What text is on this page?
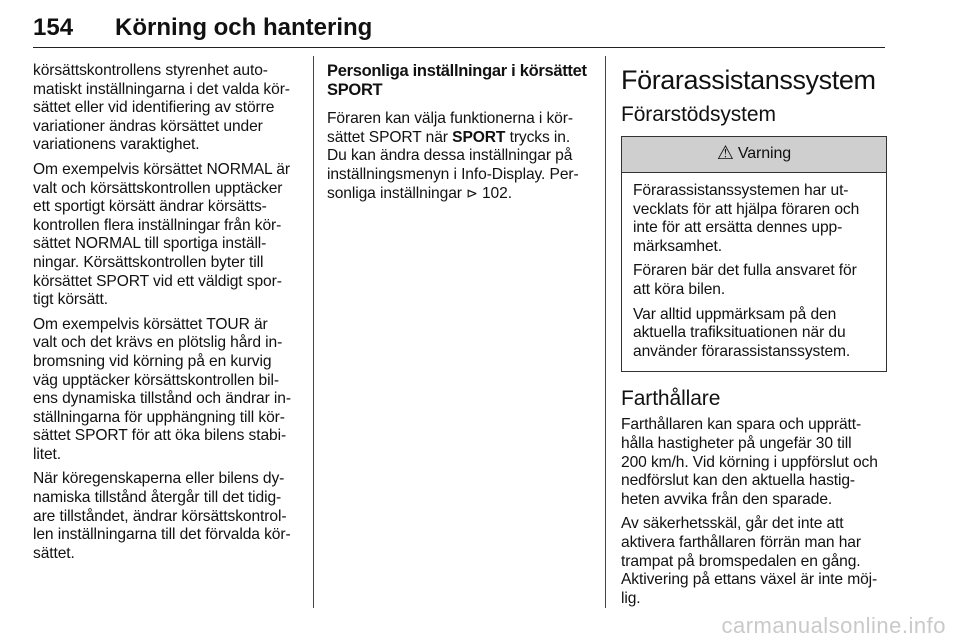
154 Körning och hantering

körsättskontrollens styrenhet auto-
matiskt inställningarna i det valda kör-
sättet eller vid identifiering av större
variationer ändras körsättet under
variationens varaktighet.

Om exempelvis körsättet NORMAL är
valt och körsättskontrollen upptäcker
ett sportigt körsätt ändrar körsätts-
kontrollen flera inställningar från kör-
sättet NORMAL till sportiga inställ-
ningar. Körsättskontrollen byter till
körsättet SPORT vid ett väldigt spor-
tigt körsätt.

Om exempelvis körsättet TOUR är
valt och det krävs en plötslig hård in-
bromsning vid körning på en kurvig
väg upptäcker körsättskontrollen bil-
ens dynamiska tillstånd och ändrar in-
ställningarna för upphängning till kör-
sättet SPORT för att öka bilens stabi-
litet.

När köregenskaperna eller bilens dy-
namiska tillstånd återgår till det tidig-
are tillståndet, ändrar körsättskontrol-
len inställningarna till det förvalda kör-
sättet.

Personliga inställningar i körsättet
SPORT

Föraren kan välja funktionerna i kör-
sättet SPORT när SPORT trycks in.
Du kan ändra dessa inställningar på
inställningsmenyn i Info-Display. Per-
sonliga inställningar ⊳ 102.

Förarassistanssystem
Förarstödsystem
⚠ Varning

Förarassistanssystemen har ut-
vecklats för att hjälpa föraren och
inte för att ersätta dennes upp-
märksamhet.

Föraren bär det fulla ansvaret för
att köra bilen.

Var alltid uppmärksam på den
aktuella trafiksituationen när du
använder förarassistanssystem.

Farthållare

Farthållaren kan spara och upprätt-
hålla hastigheter på ungefär 30 till
200 km/h. Vid körning i uppförslut och
nedförslut kan den aktuella hastig-
heten avvika från den sparade.

Av säkerhetsskäl, går det inte att
aktivera farthållaren förrän man har
trampat på bromspedalen en gång.
Aktivering på ettans växel är inte möj-
lig.

carmanualsonline.info
